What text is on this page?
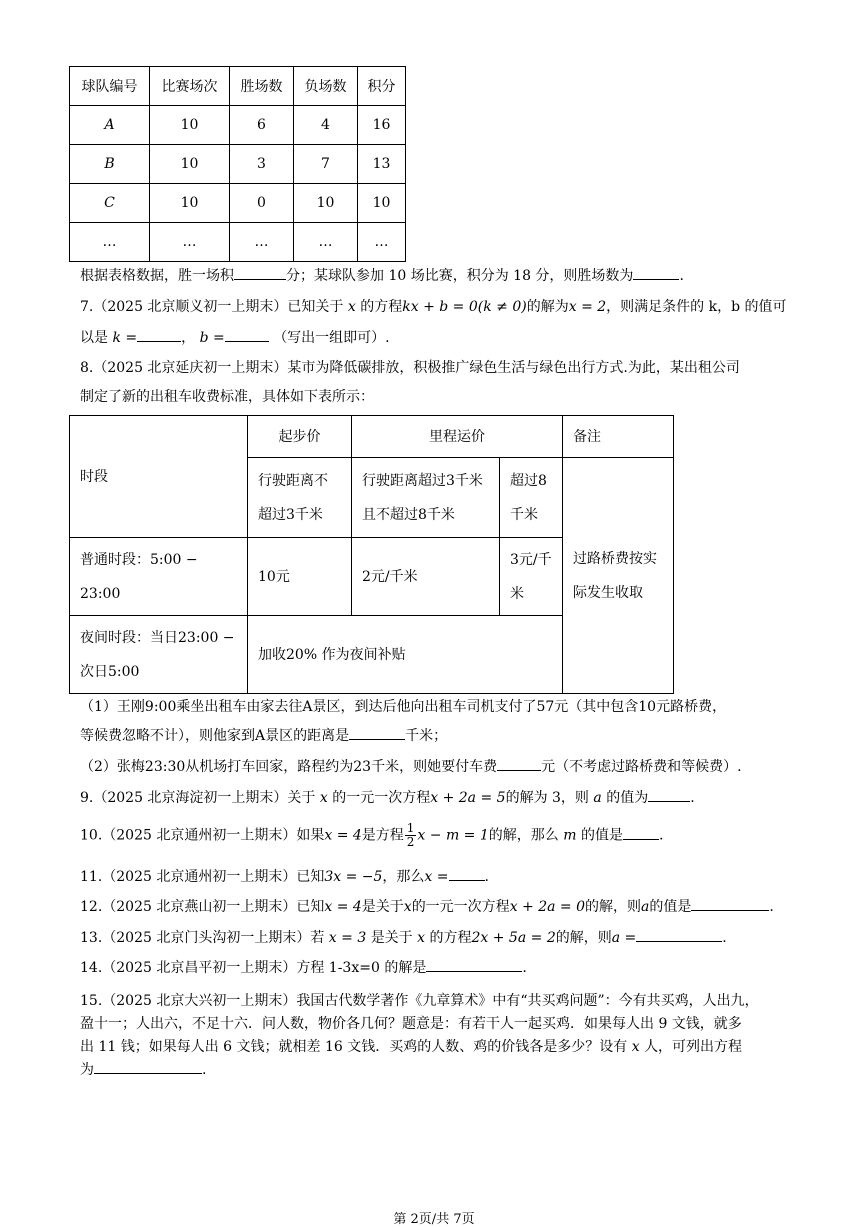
球队编号	比赛场次	胜场数	负场数	积分
A	10	6	4	16
B	10	3	7	13
C	10	0	10	10
…	…	…	…	…
根据表格数据，胜一场积	分；某球队参加 10 场比赛，积分为 18 分，则胜场数为	.
7.（2025 北京顺义初一上期末）已知关于 x 的方程kx + b = 0(k ≠ 0)的解为x = 2，则满足条件的 k，b 的值可
以是 k =	， b =	（写出一组即可）.
8.（2025 北京延庆初一上期末）某市为降低碳排放，积极推广绿色生活与绿色出行方式.为此，某出租公司
制定了新的出租车收费标准，具体如下表所示：
时段	起步价	里程运价		备注
	行驶距离不超过3千米	行驶距离超过3千米且不超过8千米	超过8千米	过路桥费按实际发生收取
普通时段：5:00 − 23:00	10元	2元/千米	3元/千米	
夜间时段：当日23:00 − 次日5:00	加收20% 作为夜间补贴			
（1）王刚9:00乘坐出租车由家去往A景区，到达后他向出租车司机支付了57元（其中包含10元路桥费，
等候费忽略不计），则他家到A景区的距离是	千米；
（2）张梅23:30从机场打车回家，路程约为23千米，则她要付车费	元（不考虑过路桥费和等候费）.
9.（2025 北京海淀初一上期末）关于 x 的一元一次方程x + 2a = 5的解为 3，则 a 的值为	.
10.（2025 北京通州初一上期末）如果x = 4是方程 $\frac{1}{2}$ x − m = 1的解，那么 m 的值是	.
11.（2025 北京通州初一上期末）已知3x = −5，那么x =	.
12.（2025 北京燕山初一上期末）已知x = 4是关于x的一元一次方程x + 2a = 0的解，则a的值是	.
13.（2025 北京门头沟初一上期末）若 x = 3 是关于 x 的方程2x + 5a = 2的解，则a =	.
14.（2025 北京昌平初一上期末）方程 1-3x=0 的解是	.
15.（2025 北京大兴初一上期末）我国古代数学著作《九章算术》中有“共买鸡问题”：今有共买鸡，人出九，
盈十一；人出六，不足十六．问人数，物价各几何？题意是：有若干人一起买鸡．如果每人出 9 文钱，就多
出 11 钱；如果每人出 6 文钱；就相差 16 文钱．买鸡的人数、鸡的价钱各是多少？设有 x 人，可列出方程
为	.
第 2页/共 7页
